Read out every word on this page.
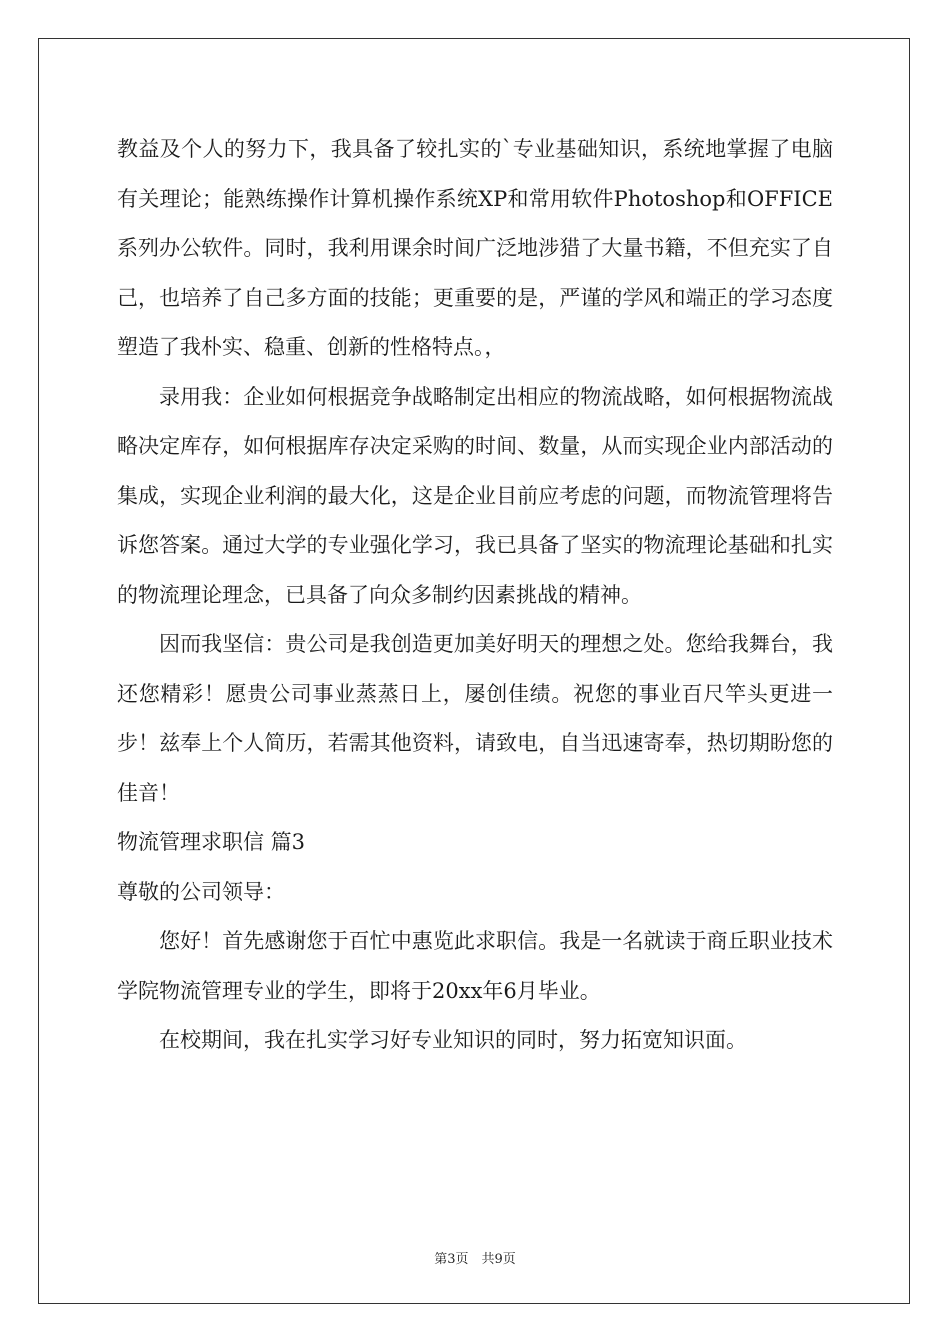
教益及个人的努力下，我具备了较扎实的`专业基础知识，系统地掌握了电脑有关理论；能熟练操作计算机操作系统XP和常用软件Photoshop和OFFICE系列办公软件。同时，我利用课余时间广泛地涉猎了大量书籍，不但充实了自己，也培养了自己多方面的技能；更重要的是，严谨的学风和端正的学习态度塑造了我朴实、稳重、创新的性格特点。，

录用我：企业如何根据竞争战略制定出相应的物流战略，如何根据物流战略决定库存，如何根据库存决定采购的时间、数量，从而实现企业内部活动的集成，实现企业利润的最大化，这是企业目前应考虑的问题，而物流管理将告诉您答案。通过大学的专业强化学习，我已具备了坚实的物流理论基础和扎实的物流理论理念，已具备了向众多制约因素挑战的精神。

因而我坚信：贵公司是我创造更加美好明天的理想之处。您给我舞台，我还您精彩！愿贵公司事业蒸蒸日上，屡创佳绩。祝您的事业百尺竿头更进一步！兹奉上个人简历，若需其他资料，请致电，自当迅速寄奉，热切期盼您的佳音！

物流管理求职信 篇3

尊敬的公司领导：

您好！首先感谢您于百忙中惠览此求职信。我是一名就读于商丘职业技术学院物流管理专业的学生，即将于20xx年6月毕业。

在校期间，我在扎实学习好专业知识的同时，努力拓宽知识面。

第3页　共9页
